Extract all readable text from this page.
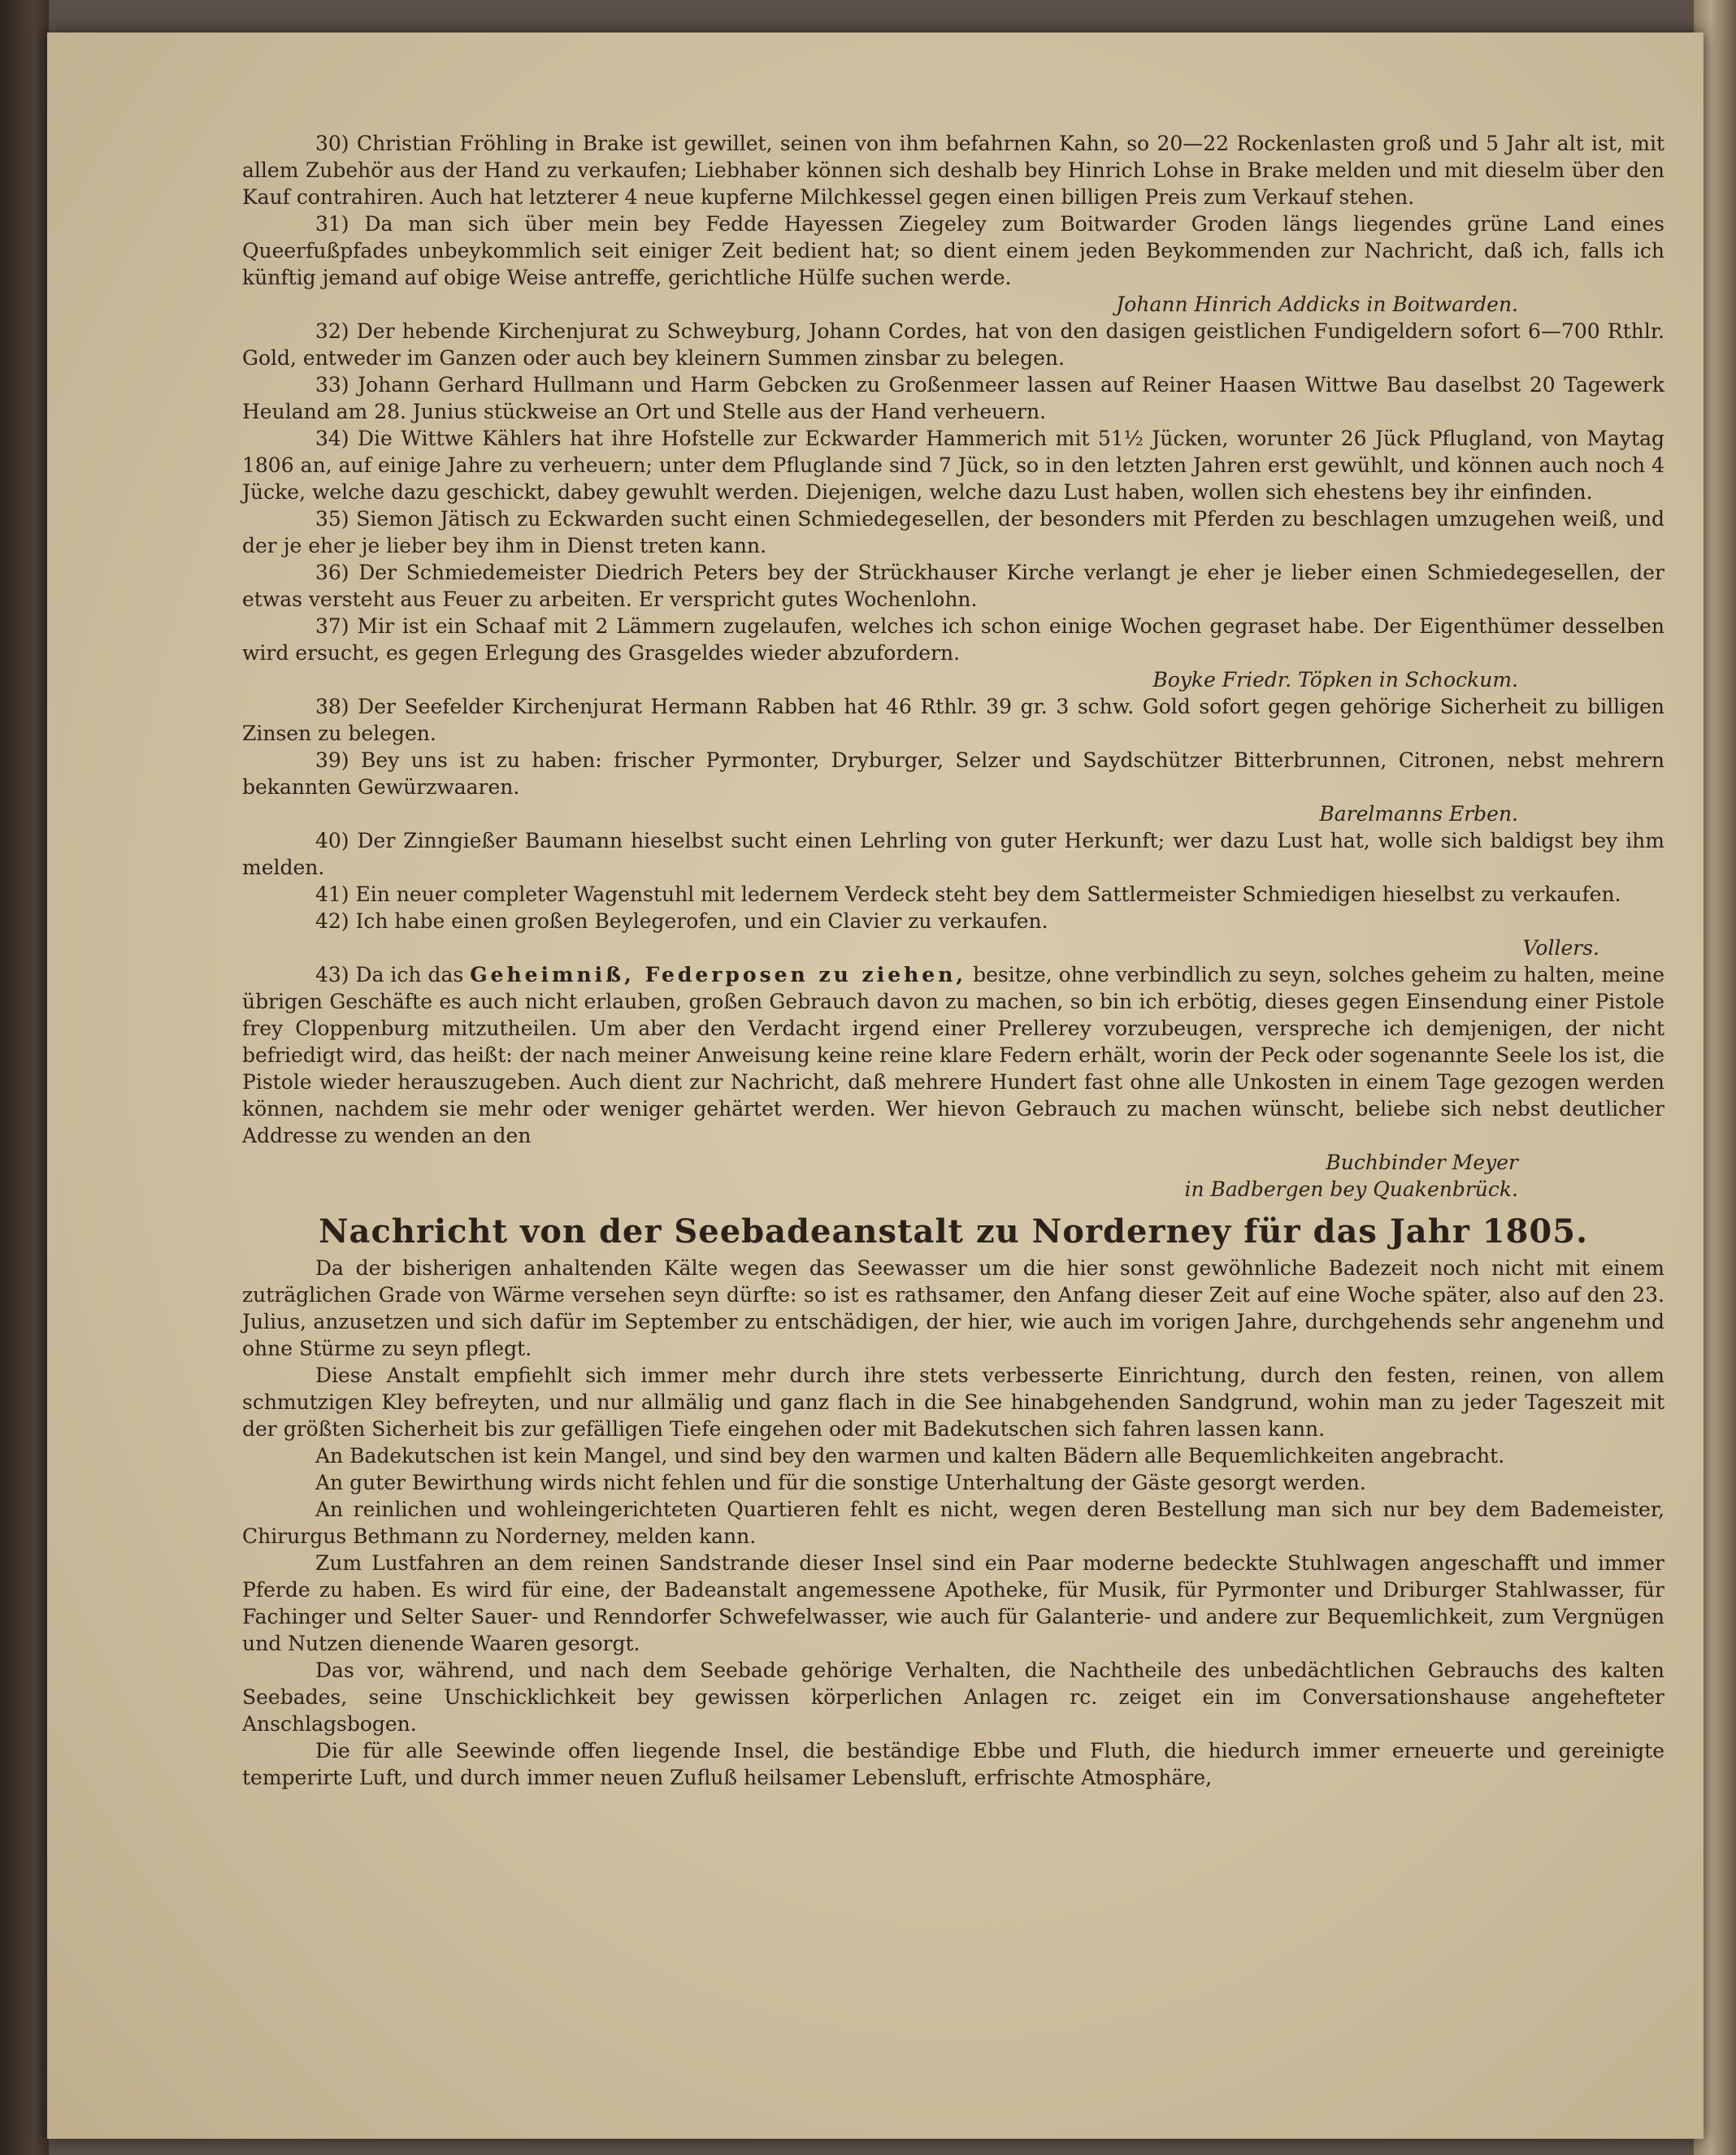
30) Christian Fröhling in Brake ist gewillet, seinen von ihm befahrnen Kahn, so 20—22 Rockenlasten groß und 5 Jahr alt ist, mit allem Zubehör aus der Hand zu verkaufen; Liebhaber können sich deshalb bey Hinrich Lohse in Brake melden und mit dieselm über den Kauf contrahiren. Auch hat letzterer 4 neue kupferne Milchkessel gegen einen billigen Preis zum Verkauf stehen.

31) Da man sich über mein bey Fedde Hayessen Ziegeley zum Boitwarder Groden längs liegendes grüne Land eines Queerfußpfades unbeykommlich seit einiger Zeit bedient hat; so dient einem jeden Beykommenden zur Nachricht, daß ich, falls ich künftig jemand auf obige Weise antreffe, gerichtliche Hülfe suchen werde.

Johann Hinrich Addicks in Boitwarden.

32) Der hebende Kirchenjurat zu Schweyburg, Johann Cordes, hat von den dasigen geistlichen Fundigeldern sofort 6—700 Rthlr. Gold, entweder im Ganzen oder auch bey kleinern Summen zinsbar zu belegen.

33) Johann Gerhard Hullmann und Harm Gebcken zu Großenmeer lassen auf Reiner Haasen Wittwe Bau daselbst 20 Tagewerk Heuland am 28. Junius stückweise an Ort und Stelle aus der Hand verheuern.

34) Die Wittwe Kählers hat ihre Hofstelle zur Eckwarder Hammerich mit 51½ Jücken, worunter 26 Jück Pflugland, von Maytag 1806 an, auf einige Jahre zu verheuern; unter dem Pfluglande sind 7 Jück, so in den letzten Jahren erst gewühlt, und können auch noch 4 Jücke, welche dazu geschickt, dabey gewuhlt werden. Diejenigen, welche dazu Lust haben, wollen sich ehestens bey ihr einfinden.

35) Siemon Jätisch zu Eckwarden sucht einen Schmiedegesellen, der besonders mit Pferden zu beschlagen umzugehen weiß, und der je eher je lieber bey ihm in Dienst treten kann.

36) Der Schmiedemeister Diedrich Peters bey der Strückhauser Kirche verlangt je eher je lieber einen Schmiedegesellen, der etwas versteht aus Feuer zu arbeiten. Er verspricht gutes Wochenlohn.

37) Mir ist ein Schaaf mit 2 Lämmern zugelaufen, welches ich schon einige Wochen gegraset habe. Der Eigenthümer desselben wird ersucht, es gegen Erlegung des Grasgeldes wieder abzufordern.

Boyke Friedr. Töpken in Schockum.

38) Der Seefelder Kirchenjurat Hermann Rabben hat 46 Rthlr. 39 gr. 3 schw. Gold sofort gegen gehörige Sicherheit zu billigen Zinsen zu belegen.

39) Bey uns ist zu haben: frischer Pyrmonter, Dryburger, Selzer und Saydschützer Bitterbrunnen, Citronen, nebst mehrern bekannten Gewürzwaaren.

Barelmanns Erben.

40) Der Zinngießer Baumann hieselbst sucht einen Lehrling von guter Herkunft; wer dazu Lust hat, wolle sich baldigst bey ihm melden.

41) Ein neuer completer Wagenstuhl mit ledernem Verdeck steht bey dem Sattlermeister Schmiedigen hieselbst zu verkaufen.

42) Ich habe einen großen Beylegerofen, und ein Clavier zu verkaufen.

Vollers.

43) Da ich das Geheimniß, Federposen zu ziehen, besitze, ohne verbindlich zu seyn, solches geheim zu halten, meine übrigen Geschäfte es auch nicht erlauben, großen Gebrauch davon zu machen, so bin ich erbötig, dieses gegen Einsendung einer Pistole frey Cloppenburg mitzutheilen. Um aber den Verdacht irgend einer Prellerey vorzubeugen, verspreche ich demjenigen, der nicht befriedigt wird, das heißt: der nach meiner Anweisung keine reine klare Federn erhält, worin der Peck oder sogenannte Seele los ist, die Pistole wieder herauszugeben. Auch dient zur Nachricht, daß mehrere Hundert fast ohne alle Unkosten in einem Tage gezogen werden können, nachdem sie mehr oder weniger gehärtet werden. Wer hievon Gebrauch zu machen wünscht, beliebe sich nebst deutlicher Addresse zu wenden an den

Buchbinder Meyer

in Badbergen bey Quakenbrück.

Nachricht von der Seebadeanstalt zu Norderney für das Jahr 1805.

Da der bisherigen anhaltenden Kälte wegen das Seewasser um die hier sonst gewöhnliche Badezeit noch nicht mit einem zuträglichen Grade von Wärme versehen seyn dürfte: so ist es rathsamer, den Anfang dieser Zeit auf eine Woche später, also auf den 23. Julius, anzusetzen und sich dafür im September zu entschädigen, der hier, wie auch im vorigen Jahre, durchgehends sehr angenehm und ohne Stürme zu seyn pflegt.

Diese Anstalt empfiehlt sich immer mehr durch ihre stets verbesserte Einrichtung, durch den festen, reinen, von allem schmutzigen Kley befreyten, und nur allmälig und ganz flach in die See hinabgehenden Sandgrund, wohin man zu jeder Tageszeit mit der größten Sicherheit bis zur gefälligen Tiefe eingehen oder mit Badekutschen sich fahren lassen kann.

An Badekutschen ist kein Mangel, und sind bey den warmen und kalten Bädern alle Bequemlichkeiten angebracht.

An guter Bewirthung wirds nicht fehlen und für die sonstige Unterhaltung der Gäste gesorgt werden.

An reinlichen und wohleingerichteten Quartieren fehlt es nicht, wegen deren Bestellung man sich nur bey dem Bademeister, Chirurgus Bethmann zu Norderney, melden kann.

Zum Lustfahren an dem reinen Sandstrande dieser Insel sind ein Paar moderne bedeckte Stuhlwagen angeschafft und immer Pferde zu haben. Es wird für eine, der Badeanstalt angemessene Apotheke, für Musik, für Pyrmonter und Driburger Stahlwasser, für Fachinger und Selter Sauer- und Renndorfer Schwefelwasser, wie auch für Galanterie- und andere zur Bequemlichkeit, zum Vergnügen und Nutzen dienende Waaren gesorgt.

Das vor, während, und nach dem Seebade gehörige Verhalten, die Nachtheile des unbedächtlichen Gebrauchs des kalten Seebades, seine Unschicklichkeit bey gewissen körperlichen Anlagen rc. zeiget ein im Conversationshause angehefteter Anschlagsbogen.

Die für alle Seewinde offen liegende Insel, die beständige Ebbe und Fluth, die hiedurch immer erneuerte und gereinigte temperirte Luft, und durch immer neuen Zufluß heilsamer Lebensluft, erfrischte Atmosphäre,
